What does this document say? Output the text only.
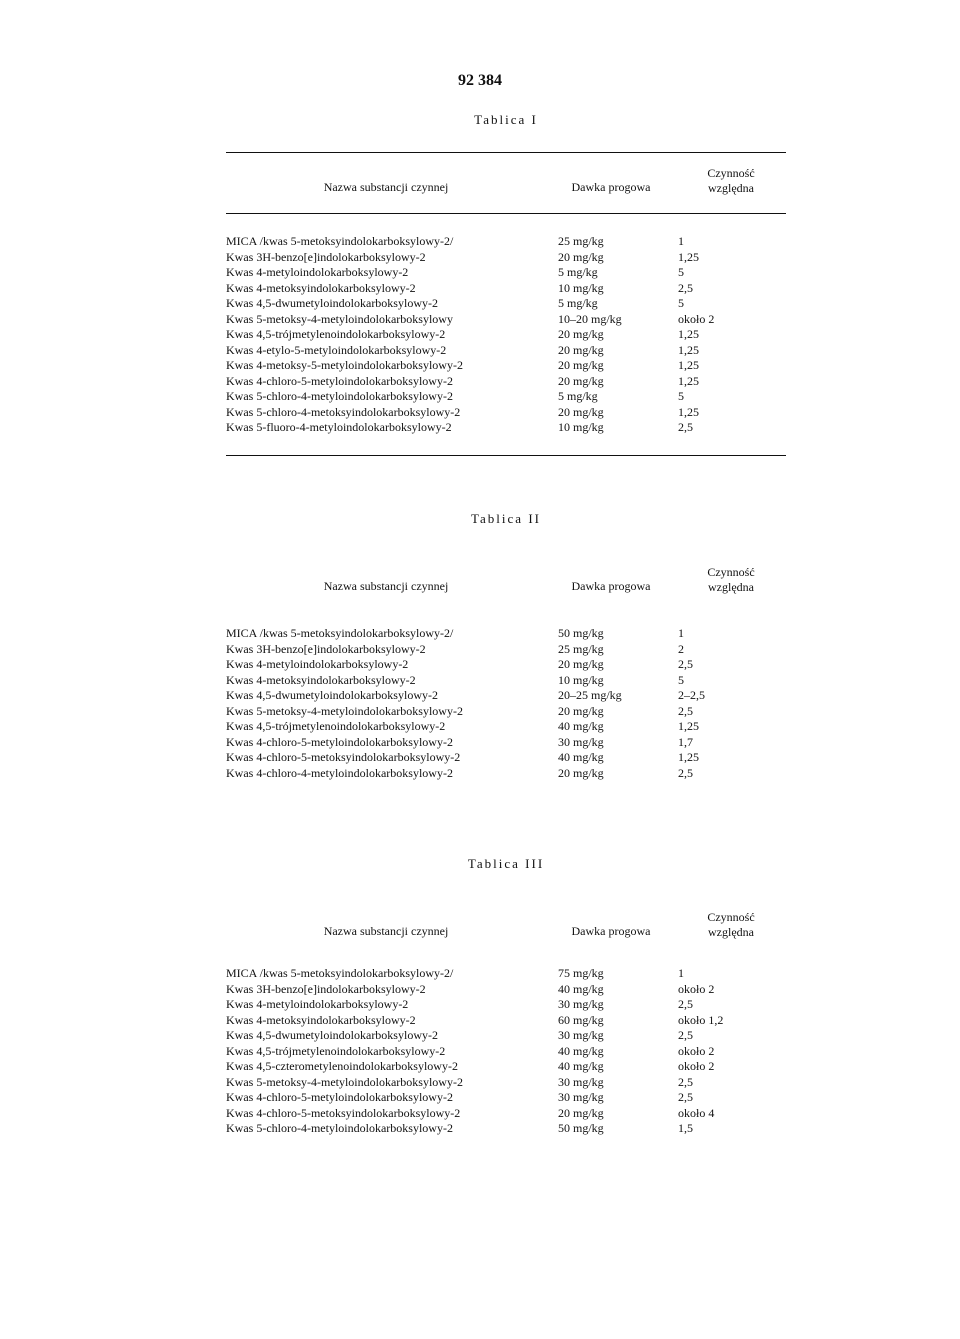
92 384
Tablica I
Nazwa substancji czynnej	Dawka progowa
Czynność
względna
MICA /kwas 5-metoksyindolokarboksylowy-2/	25 mg/kg	1
Kwas 3H-benzo[e]indolokarboksylowy-2	20 mg/kg	1,25
Kwas 4-metyloindolokarboksylowy-2	5 mg/kg	5
Kwas 4-metoksyindolokarboksylowy-2	10 mg/kg	2,5
Kwas 4,5-dwumetyloindolokarboksylowy-2	5 mg/kg	5
Kwas 5-metoksy-4-metyloindolokarboksylowy	10–20 mg/kg	około 2
Kwas 4,5-trójmetylenoindolokarboksylowy-2	20 mg/kg	1,25
Kwas 4-etylo-5-metyloindolokarboksylowy-2	20 mg/kg	1,25
Kwas 4-metoksy-5-metyloindolokarboksylowy-2	20 mg/kg	1,25
Kwas 4-chloro-5-metyloindolokarboksylowy-2	20 mg/kg	1,25
Kwas 5-chloro-4-metyloindolokarboksylowy-2	5 mg/kg	5
Kwas 5-chloro-4-metoksyindolokarboksylowy-2	20 mg/kg	1,25
Kwas 5-fluoro-4-metyloindolokarboksylowy-2	10 mg/kg	2,5
Tablica II
Nazwa substancji czynnej	Dawka progowa
Czynność
względna
MICA /kwas 5-metoksyindolokarboksylowy-2/	50 mg/kg	1
Kwas 3H-benzo[e]indolokarboksylowy-2	25 mg/kg	2
Kwas 4-metyloindolokarboksylowy-2	20 mg/kg	2,5
Kwas 4-metoksyindolokarboksylowy-2	10 mg/kg	5
Kwas 4,5-dwumetyloindolokarboksylowy-2	20–25 mg/kg	2–2,5
Kwas 5-metoksy-4-metyloindolokarboksylowy-2	20 mg/kg	2,5
Kwas 4,5-trójmetylenoindolokarboksylowy-2	40 mg/kg	1,25
Kwas 4-chloro-5-metyloindolokarboksylowy-2	30 mg/kg	1,7
Kwas 4-chloro-5-metoksyindolokarboksylowy-2	40 mg/kg	1,25
Kwas 4-chloro-4-metyloindolokarboksylowy-2	20 mg/kg	2,5
Tablica III
Nazwa substancji czynnej	Dawka progowa
Czynność
względna
MICA /kwas 5-metoksyindolokarboksylowy-2/	75 mg/kg	1
Kwas 3H-benzo[e]indolokarboksylowy-2	40 mg/kg	około 2
Kwas 4-metyloindolokarboksylowy-2	30 mg/kg	2,5
Kwas 4-metoksyindolokarboksylowy-2	60 mg/kg	około 1,2
Kwas 4,5-dwumetyloindolokarboksylowy-2	30 mg/kg	2,5
Kwas 4,5-trójmetylenoindolokarboksylowy-2	40 mg/kg	około 2
Kwas 4,5-czterometylenoindolokarboksylowy-2	40 mg/kg	około 2
Kwas 5-metoksy-4-metyloindolokarboksylowy-2	30 mg/kg	2,5
Kwas 4-chloro-5-metyloindolokarboksylowy-2	30 mg/kg	2,5
Kwas 4-chloro-5-metoksyindolokarboksylowy-2	20 mg/kg	około 4
Kwas 5-chloro-4-metyloindolokarboksylowy-2	50 mg/kg	1,5
